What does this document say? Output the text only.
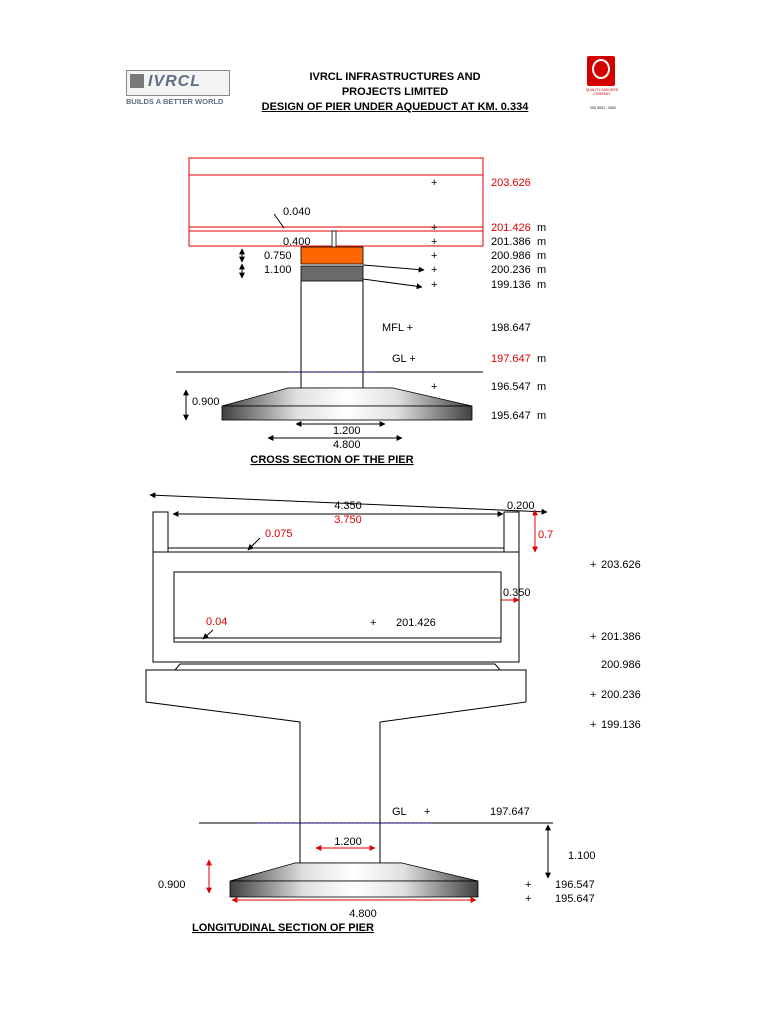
IVRCL
BUILDS A BETTER WORLD
IVRCL INFRASTRUCTURES AND
PROJECTS LIMITED
DESIGN OF PIER UNDER AQUEDUCT AT KM. 0.334
QUALITY ASSURED COMPANY
ISO 9001 : 2000
0.040
0.400
0.750
1.100
0.900
1.200
4.800
+	203.626
+	201.426 m
+	201.386 m
+	200.986 m
+	200.236 m
+	199.136 m
MFL +	198.647
GL +	197.647 m
+	196.547 m
195.647 m
CROSS SECTION OF THE PIER
4.350	0.200
3.750
0.075	0.7
0.350
0.04
1.200
1.100
0.900
4.800
+ 201.426
GL +	197.647
+ 203.626
+ 201.386
200.986
+ 200.236
+ 199.136
+ 196.547
+ 195.647
LONGITUDINAL SECTION OF PIER
